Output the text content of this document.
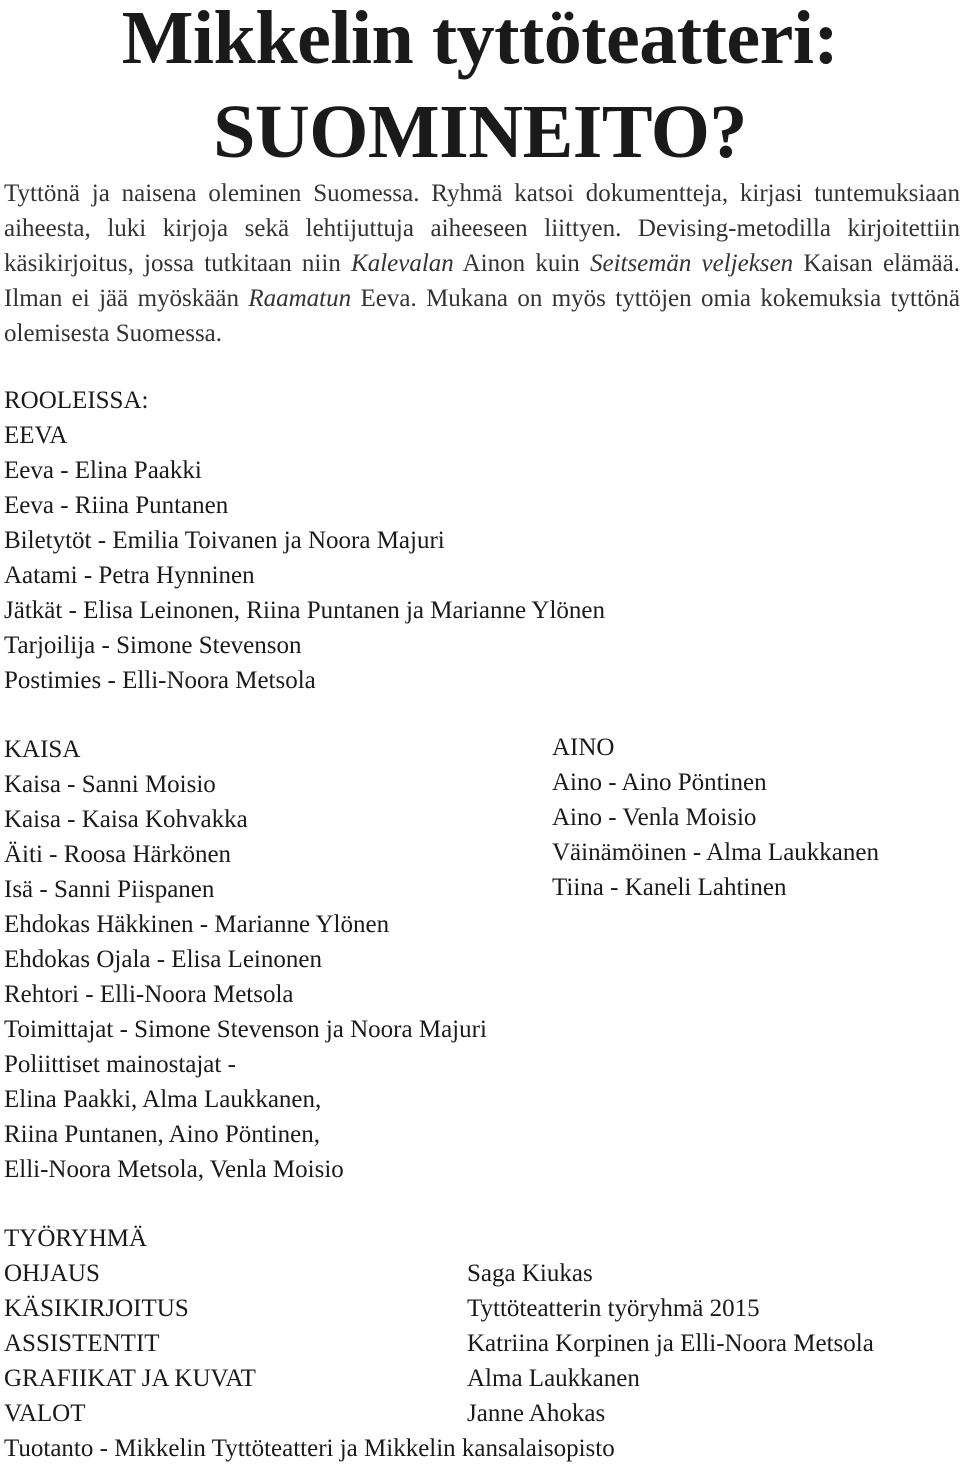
Mikkelin tyttöteatteri:
SUOMINEITO?

Tyttönä ja naisena oleminen Suomessa. Ryhmä katsoi dokumentteja, kirjasi tuntemuksiaan aiheesta, luki kirjoja sekä lehtijuttuja aiheeseen liittyen. Devising-metodilla kirjoitettiin käsikirjoitus, jossa tutkitaan niin Kalevalan Ainon kuin Seitsemän veljeksen Kaisan elämää. Ilman ei jää myöskään Raamatun Eeva. Mukana on myös tyttöjen omia kokemuksia tyttönä olemisesta Suomessa.

ROOLEISSA:
EEVA
Eeva - Elina Paakki
Eeva - Riina Puntanen
Biletytöt - Emilia Toivanen ja Noora Majuri
Aatami - Petra Hynninen
Jätkät - Elisa Leinonen, Riina Puntanen ja Marianne Ylönen
Tarjoilija - Simone Stevenson
Postimies - Elli-Noora Metsola
KAISA
Kaisa - Sanni Moisio
Kaisa - Kaisa Kohvakka
Äiti - Roosa Härkönen
Isä - Sanni Piispanen
Ehdokas Häkkinen - Marianne Ylönen
Ehdokas Ojala - Elisa Leinonen
Rehtori - Elli-Noora Metsola
Toimittajat - Simone Stevenson ja Noora Majuri
Poliittiset mainostajat -
Elina Paakki, Alma Laukkanen,
Riina Puntanen, Aino Pöntinen,
Elli-Noora Metsola, Venla Moisio
AINO
Aino - Aino Pöntinen
Aino - Venla Moisio
Väinämöinen - Alma Laukkanen
Tiina - Kaneli Lahtinen
TYÖRYHMÄ
OHJAUS	Saga Kiukas
KÄSIKIRJOITUS	Tyttöteatterin työryhmä 2015
ASSISTENTIT	Katriina Korpinen ja Elli-Noora Metsola
GRAFIIKAT JA KUVAT	Alma Laukkanen
VALOT	Janne Ahokas
Tuotanto - Mikkelin Tyttöteatteri ja Mikkelin kansalaisopisto
